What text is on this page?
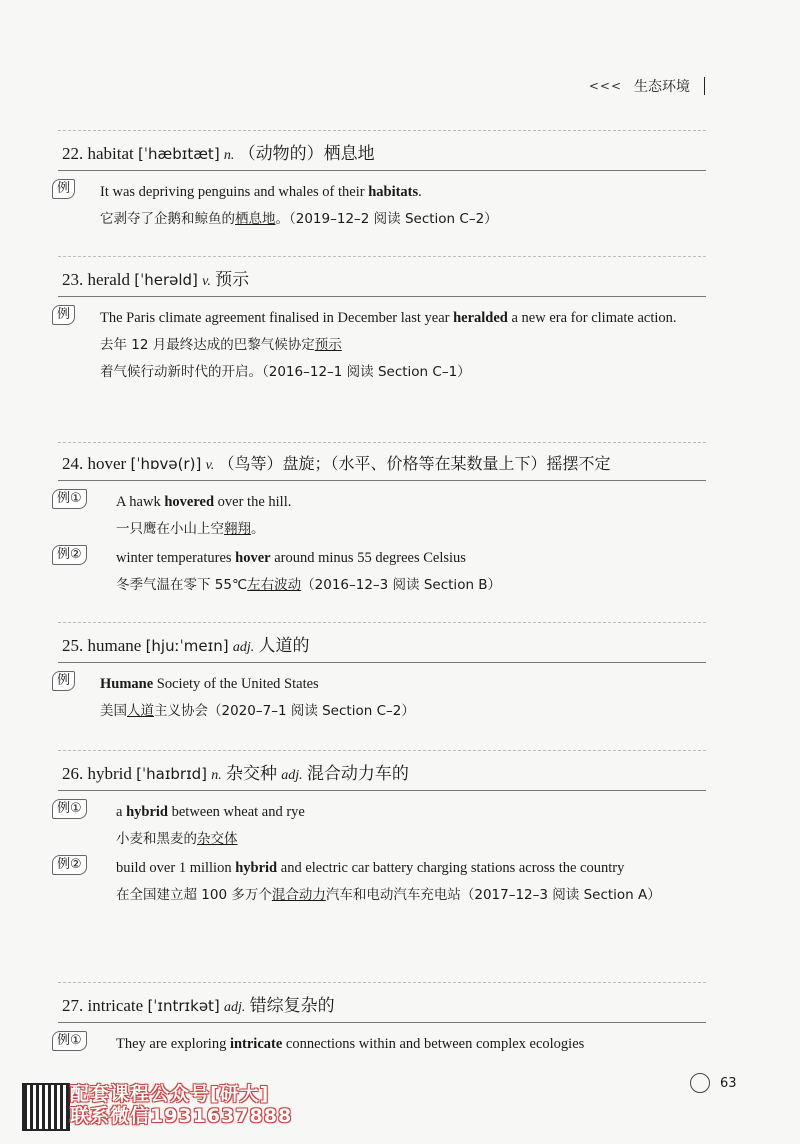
<<< 生态环境
22. habitat [ˈhæbɪtæt] n. （动物的）栖息地
例	It was depriving penguins and whales of their habitats.
它剥夺了企鹅和鲸鱼的栖息地。（2019–12–2 阅读 Section C–2）
23. herald [ˈherəld] v. 预示
例	The Paris climate agreement finalised in December last year heralded a new era for climate action.
去年 12 月最终达成的巴黎气候协定预示着气候行动新时代的开启。（2016–12–1 阅读 Section C–1）
24. hover [ˈhɒvə(r)] v. （鸟等）盘旋；（水平、价格等在某数量上下）摇摆不定
例①	A hawk hovered over the hill.
一只鹰在小山上空翱翔。
例②	winter temperatures hover around minus 55 degrees Celsius
冬季气温在零下 55℃左右波动（2016–12–3 阅读 Section B）
25. humane [hjuːˈmeɪn] adj. 人道的
例	Humane Society of the United States
美国人道主义协会（2020–7–1 阅读 Section C–2）
26. hybrid [ˈhaɪbrɪd] n. 杂交种 adj. 混合动力车的
例①	a hybrid between wheat and rye
小麦和黑麦的杂交体
例②	build over 1 million hybrid and electric car battery charging stations across the country
在全国建立超 100 多万个混合动力汽车和电动汽车充电站（2017–12–3 阅读 Section A）
27. intricate [ˈɪntrɪkət] adj. 错综复杂的
例①	They are exploring intricate connections within and between complex ecologies
63
配套课程公众号[研大]
联系微信1931637888
